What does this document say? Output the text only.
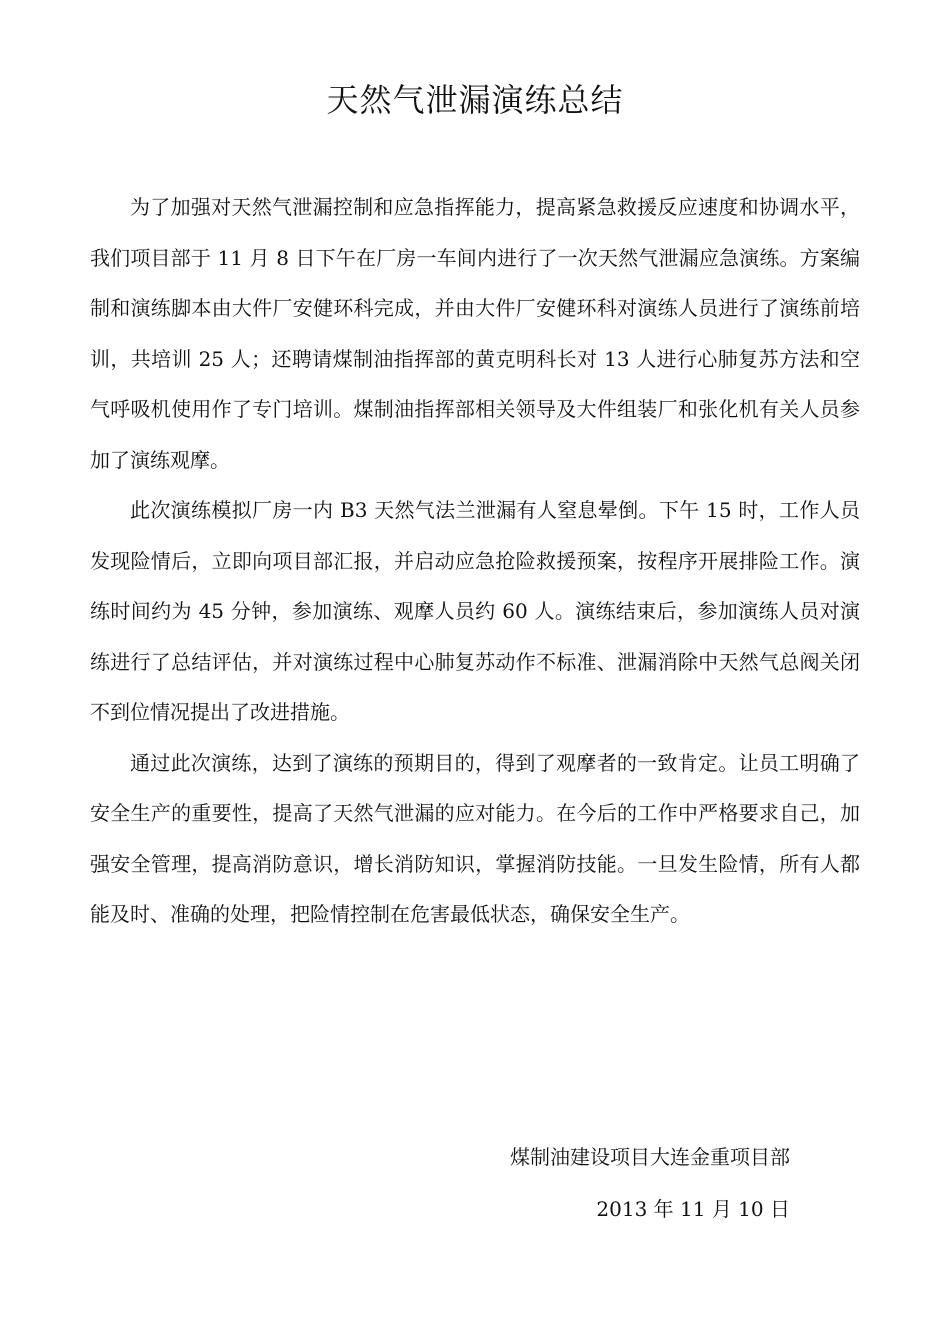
天然气泄漏演练总结

为了加强对天然气泄漏控制和应急指挥能力，提高紧急救援反应速度和协调水平，我们项目部于 11 月 8 日下午在厂房一车间内进行了一次天然气泄漏应急演练。方案编制和演练脚本由大件厂安健环科完成，并由大件厂安健环科对演练人员进行了演练前培训，共培训 25 人；还聘请煤制油指挥部的黄克明科长对 13 人进行心肺复苏方法和空气呼吸机使用作了专门培训。煤制油指挥部相关领导及大件组装厂和张化机有关人员参加了演练观摩。

此次演练模拟厂房一内 B3 天然气法兰泄漏有人窒息晕倒。下午 15 时，工作人员发现险情后，立即向项目部汇报，并启动应急抢险救援预案，按程序开展排险工作。演练时间约为 45 分钟，参加演练、观摩人员约 60 人。演练结束后，参加演练人员对演练进行了总结评估，并对演练过程中心肺复苏动作不标准、泄漏消除中天然气总阀关闭不到位情况提出了改进措施。

通过此次演练，达到了演练的预期目的，得到了观摩者的一致肯定。让员工明确了安全生产的重要性，提高了天然气泄漏的应对能力。在今后的工作中严格要求自己，加强安全管理，提高消防意识，增长消防知识，掌握消防技能。一旦发生险情，所有人都能及时、准确的处理，把险情控制在危害最低状态，确保安全生产。

煤制油建设项目大连金重项目部
2013 年 11 月 10 日
